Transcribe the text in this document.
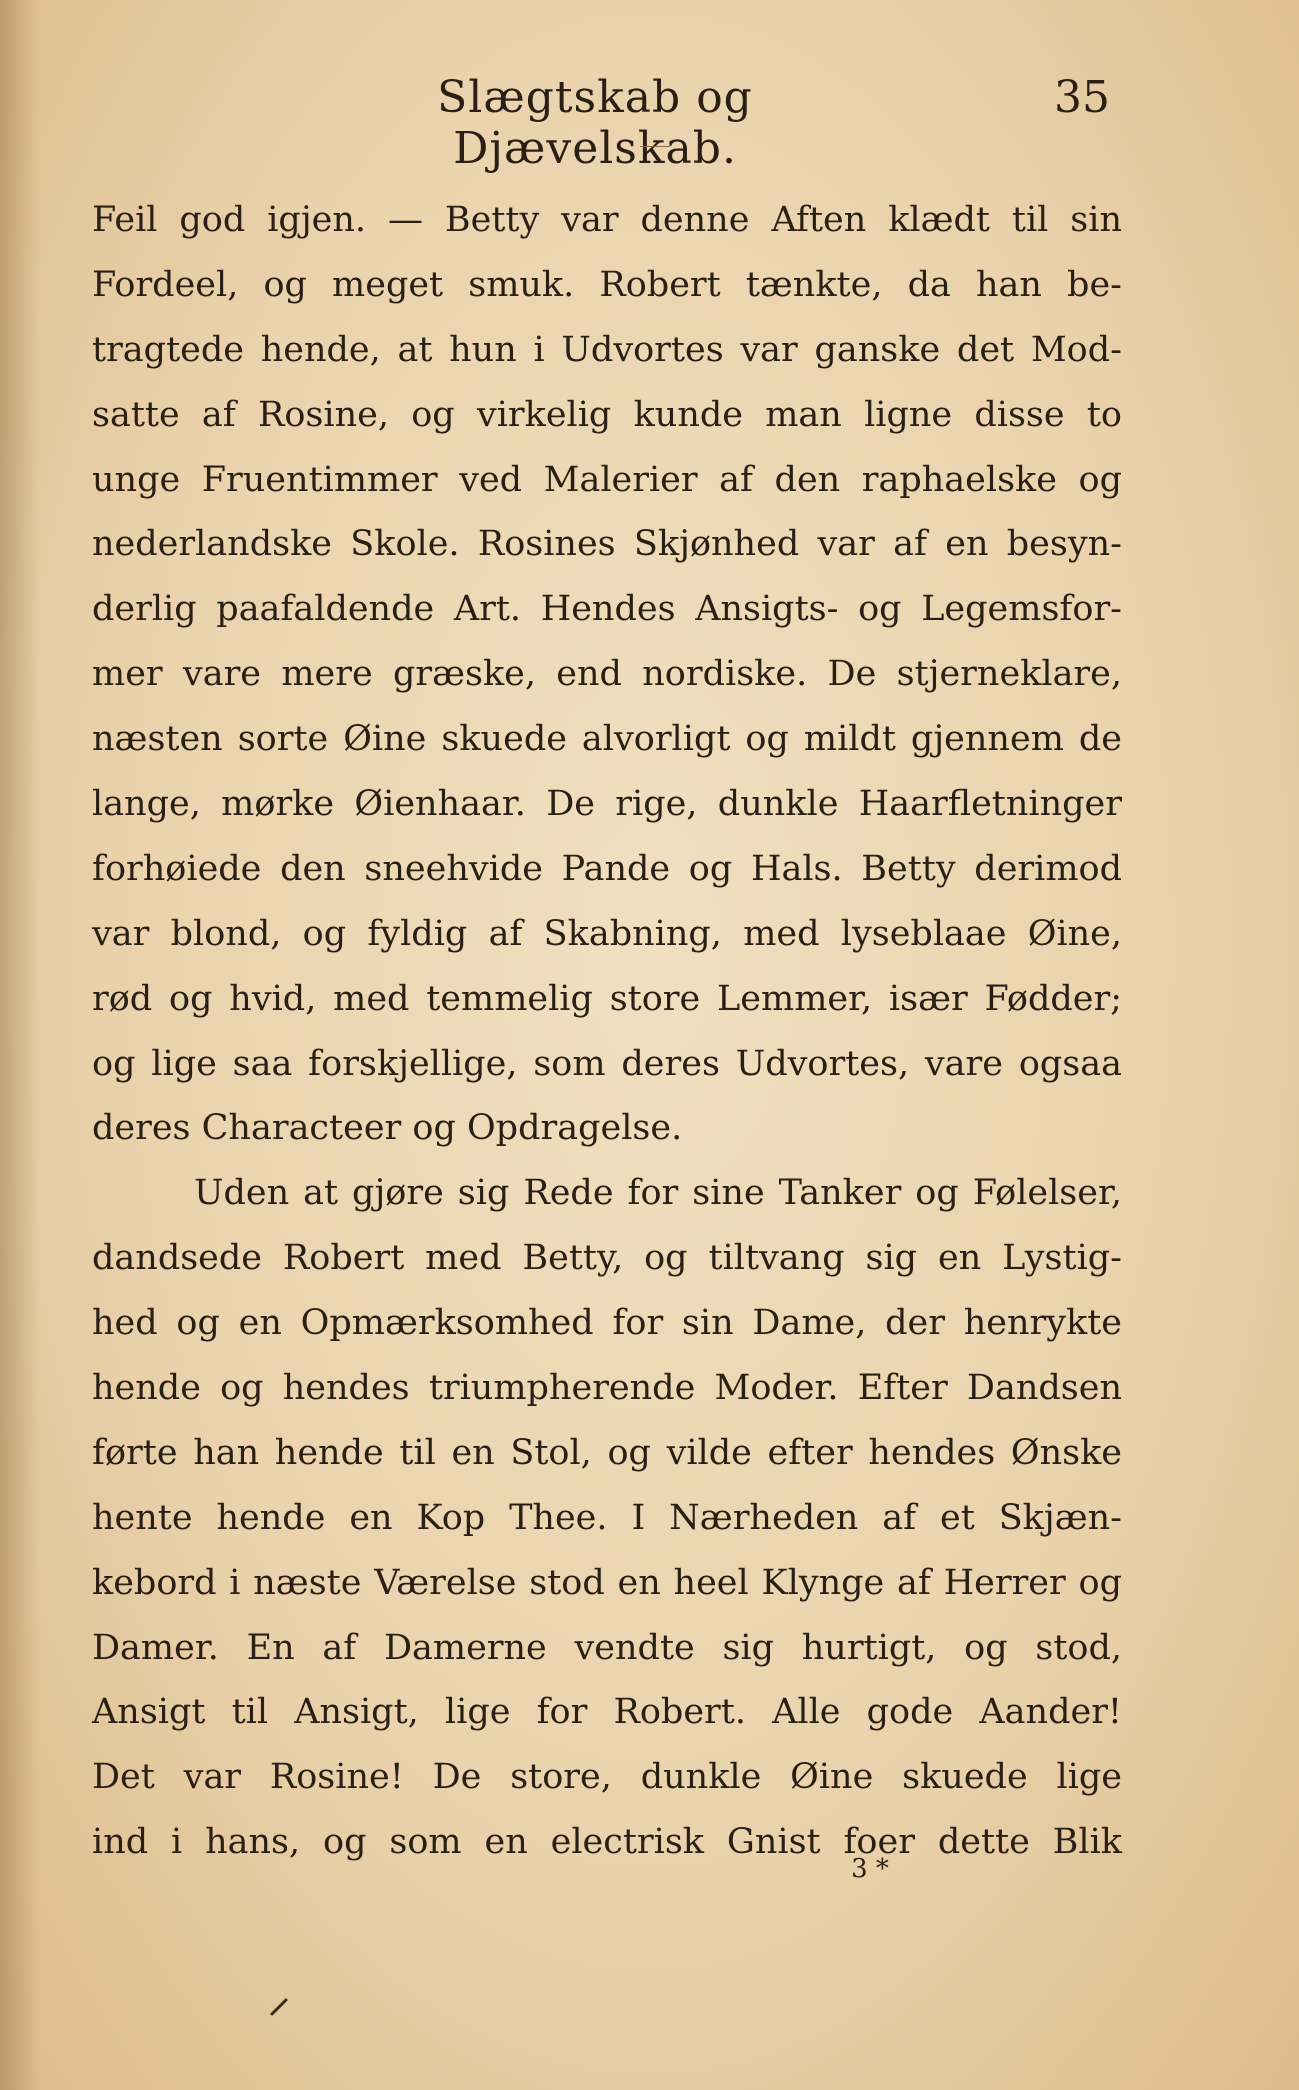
Slægtskab og Djævelskab.
35
Feil god igjen. — Betty var denne Aften klædt til sin
Fordeel, og meget smuk. Robert tænkte, da han be-
tragtede hende, at hun i Udvortes var ganske det Mod-
satte af Rosine, og virkelig kunde man ligne disse to
unge Fruentimmer ved Malerier af den raphaelske og
nederlandske Skole. Rosines Skjønhed var af en besyn-
derlig paafaldende Art. Hendes Ansigts- og Legemsfor-
mer vare mere græske, end nordiske. De stjerneklare,
næsten sorte Øine skuede alvorligt og mildt gjennem de
lange, mørke Øienhaar. De rige, dunkle Haarfletninger
forhøiede den sneehvide Pande og Hals. Betty derimod
var blond, og fyldig af Skabning, med lyseblaae Øine,
rød og hvid, med temmelig store Lemmer, især Fødder;
og lige saa forskjellige, som deres Udvortes, vare ogsaa
deres Characteer og Opdragelse.
Uden at gjøre sig Rede for sine Tanker og Følelser,
dandsede Robert med Betty, og tiltvang sig en Lystig-
hed og en Opmærksomhed for sin Dame, der henrykte
hende og hendes triumpherende Moder. Efter Dandsen
førte han hende til en Stol, og vilde efter hendes Ønske
hente hende en Kop Thee. I Nærheden af et Skjæn-
kebord i næste Værelse stod en heel Klynge af Herrer og
Damer. En af Damerne vendte sig hurtigt, og stod,
Ansigt til Ansigt, lige for Robert. Alle gode Aander!
Det var Rosine! De store, dunkle Øine skuede lige
ind i hans, og som en electrisk Gnist foer dette Blik
3 *
